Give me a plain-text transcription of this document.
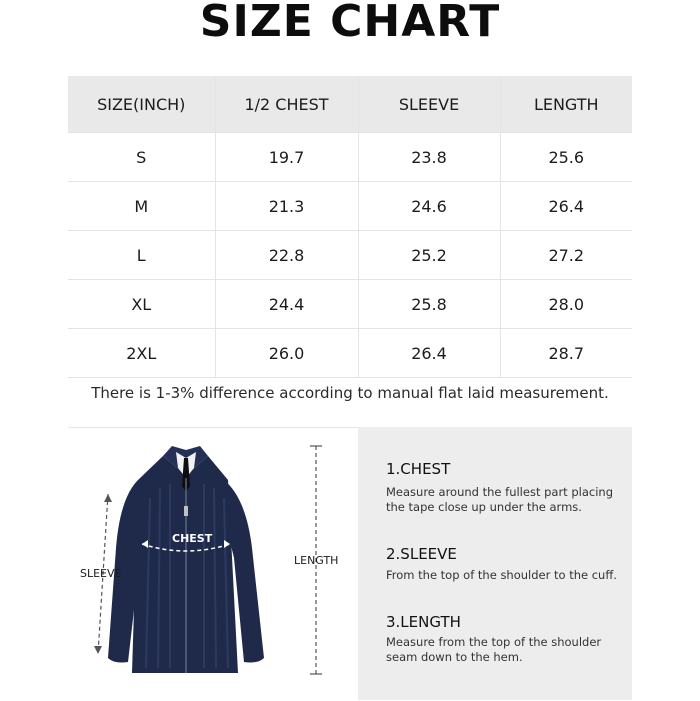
SIZE CHART
SIZE(INCH)	1/2 CHEST	SLEEVE	LENGTH
S	19.7	23.8	25.6
M	21.3	24.6	26.4
L	22.8	25.2	27.2
XL	24.4	25.8	28.0
2XL	26.0	26.4	28.7
There is 1-3% difference according to manual flat laid measurement.
CHEST
SLEEVE
LENGTH
1.CHEST
Measure around the fullest part placing the tape close up under the arms.
2.SLEEVE
From the top of the shoulder to the cuff.
3.LENGTH
Measure from the top of the shoulder seam down to the hem.
